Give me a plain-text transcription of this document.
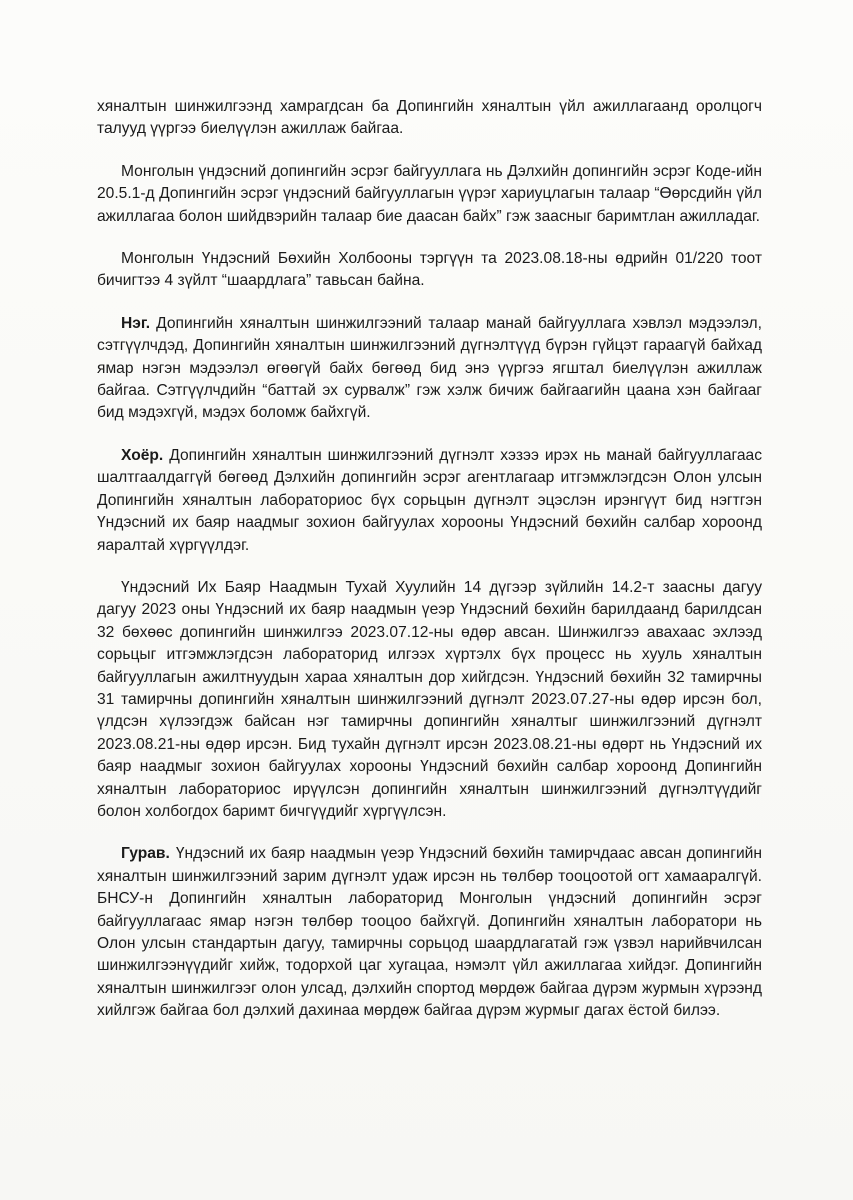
хяналтын шинжилгээнд хамрагдсан ба Допингийн хяналтын үйл ажиллагаанд оролцогч талууд үүргээ биелүүлэн ажиллаж байгаа.

Монголын үндэсний допингийн эсрэг байгууллага нь Дэлхийн допингийн эсрэг Коде-ийн 20.5.1-д Допингийн эсрэг үндэсний байгууллагын үүрэг хариуцлагын талаар “Өөрсдийн үйл ажиллагаа болон шийдвэрийн талаар бие даасан байх” гэж заасныг баримтлан ажилладаг.

Монголын Үндэсний Бөхийн Холбооны тэргүүн та 2023.08.18-ны өдрийн 01/220 тоот бичигтээ 4 зүйлт “шаардлага” тавьсан байна.

Нэг. Допингийн хяналтын шинжилгээний талаар манай байгууллага хэвлэл мэдээлэл, сэтгүүлчдэд, Допингийн хяналтын шинжилгээний дүгнэлтүүд бүрэн гүйцэт гараагүй байхад ямар нэгэн мэдээлэл өгөөгүй байх бөгөөд бид энэ үүргээ ягштал биелүүлэн ажиллаж байгаа. Сэтгүүлчдийн “баттай эх сурвалж” гэж хэлж бичиж байгаагийн цаана хэн байгааг бид мэдэхгүй, мэдэх боломж байхгүй.

Хоёр. Допингийн хяналтын шинжилгээний дүгнэлт хэзээ ирэх нь манай байгууллагаас шалтгаалдаггүй бөгөөд Дэлхийн допингийн эсрэг агентлагаар итгэмжлэгдсэн Олон улсын Допингийн хяналтын лабораториос бүх сорьцын дүгнэлт эцэслэн ирэнгүүт бид нэгтгэн Үндэсний их баяр наадмыг зохион байгуулах хорооны Үндэсний бөхийн салбар хороонд яаралтай хүргүүлдэг.

Үндэсний Их Баяр Наадмын Тухай Хуулийн 14 дүгээр зүйлийн 14.2-т заасны дагуу дагуу 2023 оны Үндэсний их баяр наадмын үеэр Үндэсний бөхийн барилдаанд барилдсан 32 бөхөөс допингийн шинжилгээ 2023.07.12-ны өдөр авсан. Шинжилгээ авахаас эхлээд сорьцыг итгэмжлэгдсэн лабораторид илгээх хүртэлх бүх процесс нь хууль хяналтын байгууллагын ажилтнуудын хараа хяналтын дор хийгдсэн. Үндэсний бөхийн 32 тамирчны 31 тамирчны допингийн хяналтын шинжилгээний дүгнэлт 2023.07.27-ны өдөр ирсэн бол, үлдсэн хүлээгдэж байсан нэг тамирчны допингийн хяналтыг шинжилгээний дүгнэлт 2023.08.21-ны өдөр ирсэн. Бид тухайн дүгнэлт ирсэн 2023.08.21-ны өдөрт нь Үндэсний их баяр наадмыг зохион байгуулах хорооны Үндэсний бөхийн салбар хороонд Допингийн хяналтын лабораториос ирүүлсэн допингийн хяналтын шинжилгээний дүгнэлтүүдийг болон холбогдох баримт бичгүүдийг хүргүүлсэн.

Гурав. Үндэсний их баяр наадмын үеэр Үндэсний бөхийн тамирчдаас авсан допингийн хяналтын шинжилгээний зарим дүгнэлт удаж ирсэн нь төлбөр тооцоотой огт хамааралгүй. БНСУ-н Допингийн хяналтын лабораторид Монголын үндэсний допингийн эсрэг байгууллагаас ямар нэгэн төлбөр тооцоо байхгүй. Допингийн хяналтын лаборатори нь Олон улсын стандартын дагуу, тамирчны сорьцод шаардлагатай гэж үзвэл нарийвчилсан шинжилгээнүүдийг хийж, тодорхой цаг хугацаа, нэмэлт үйл ажиллагаа хийдэг. Допингийн хяналтын шинжилгээг олон улсад, дэлхийн спортод мөрдөж байгаа дүрэм журмын хүрээнд хийлгэж байгаа бол дэлхий дахинаа мөрдөж байгаа дүрэм журмыг дагах ёстой билээ.
